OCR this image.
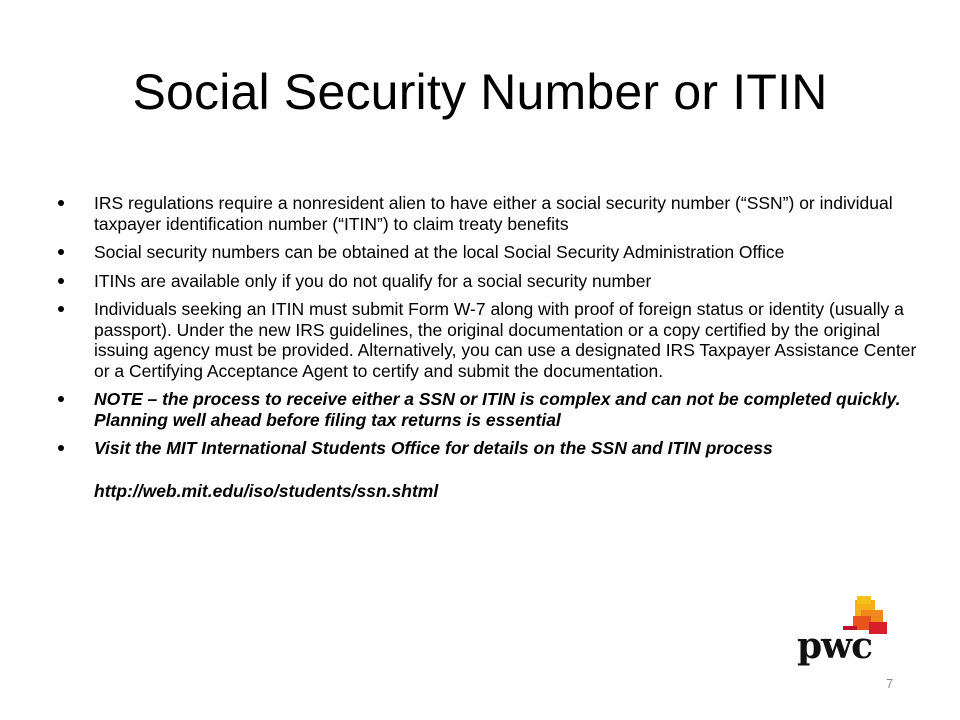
Social Security Number or ITIN
IRS regulations require a nonresident alien to have either a social security number (“SSN”) or individual taxpayer identification number (“ITIN”) to claim treaty benefits
Social security numbers can be obtained at the local Social Security Administration Office
ITINs are available only if you do not qualify for a social security number
Individuals seeking an ITIN must submit Form W-7 along with proof of foreign status or identity (usually a passport). Under the new IRS guidelines, the original documentation or a copy certified by the original issuing agency must be provided. Alternatively, you can use a designated IRS Taxpayer Assistance Center or a Certifying Acceptance Agent to certify and submit the documentation.
NOTE – the process to receive either a SSN or ITIN is complex and can not be completed quickly. Planning well ahead before filing tax returns is essential
Visit the MIT International Students Office for details on the SSN and ITIN process
http://web.mit.edu/iso/students/ssn.shtml
pwc
7
